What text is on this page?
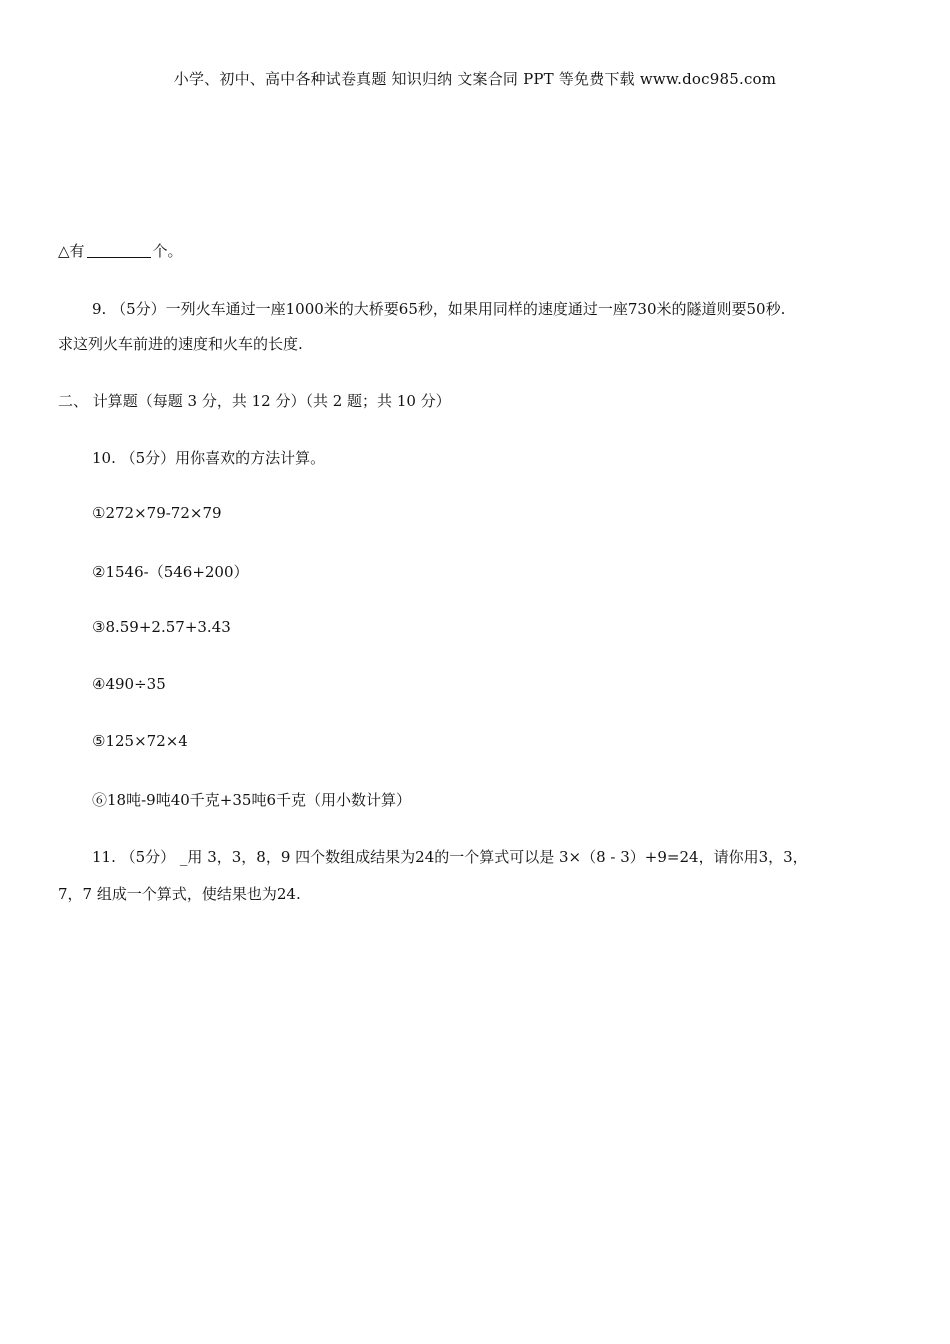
小学、初中、高中各种试卷真题 知识归纳 文案合同 PPT 等免费下载 www.doc985.com
△有	个。
9. （5分）一列火车通过一座1000米的大桥要65秒，如果用同样的速度通过一座730米的隧道则要50秒.
求这列火车前进的速度和火车的长度.
二、 计算题（每题 3 分，共 12 分）（共 2 题；共 10 分）
10. （5分）用你喜欢的方法计算。
①272×79-72×79
②1546-（546+200）
③8.59+2.57+3.43
④490÷35
⑤125×72×4
⑥18吨-9吨40千克+35吨6千克（用小数计算）
11. （5分） _用 3，3，8，9 四个数组成结果为24的一个算式可以是 3×（8 - 3）+9=24，请你用3，3，
7，7 组成一个算式，使结果也为24.
